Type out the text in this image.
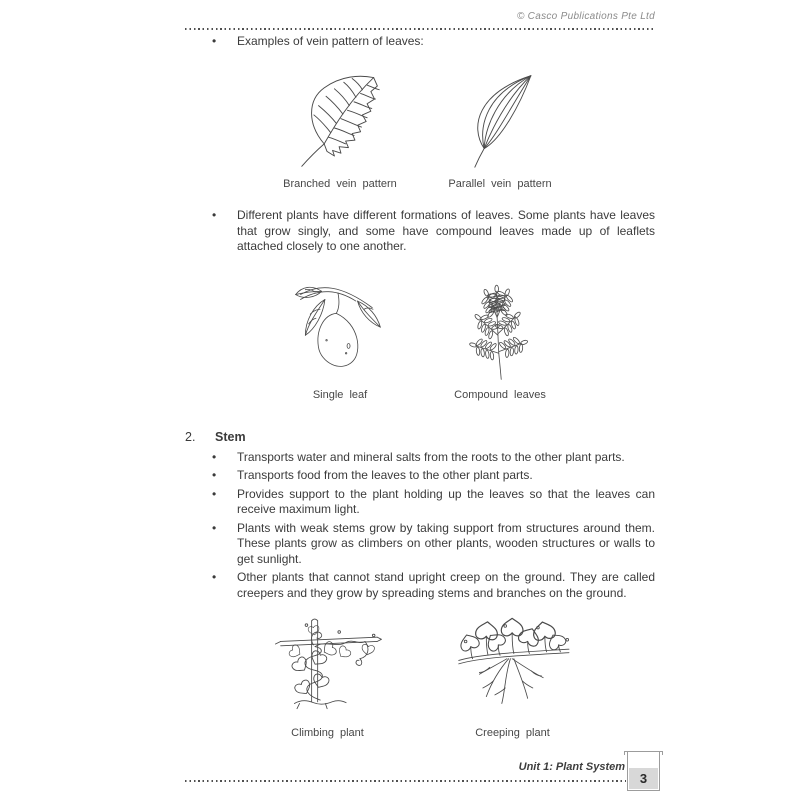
© Casco Publications Pte Ltd
•	Examples of vein pattern of leaves:
Branched vein pattern	Parallel vein pattern
•	Different plants have different formations of leaves. Some plants have leaves that grow singly, and some have compound leaves made up of leaflets attached closely to one another.
Single leaf	Compound leaves
2.	Stem
•	Transports water and mineral salts from the roots to the other plant parts.
•	Transports food from the leaves to the other plant parts.
•	Provides support to the plant holding up the leaves so that the leaves can receive maximum light.
•	Plants with weak stems grow by taking support from structures around them. These plants grow as climbers on other plants, wooden structures or walls to get sunlight.
•	Other plants that cannot stand upright creep on the ground. They are called creepers and they grow by spreading stems and branches on the ground.
Climbing plant	Creeping plant
Unit 1: Plant System
3
